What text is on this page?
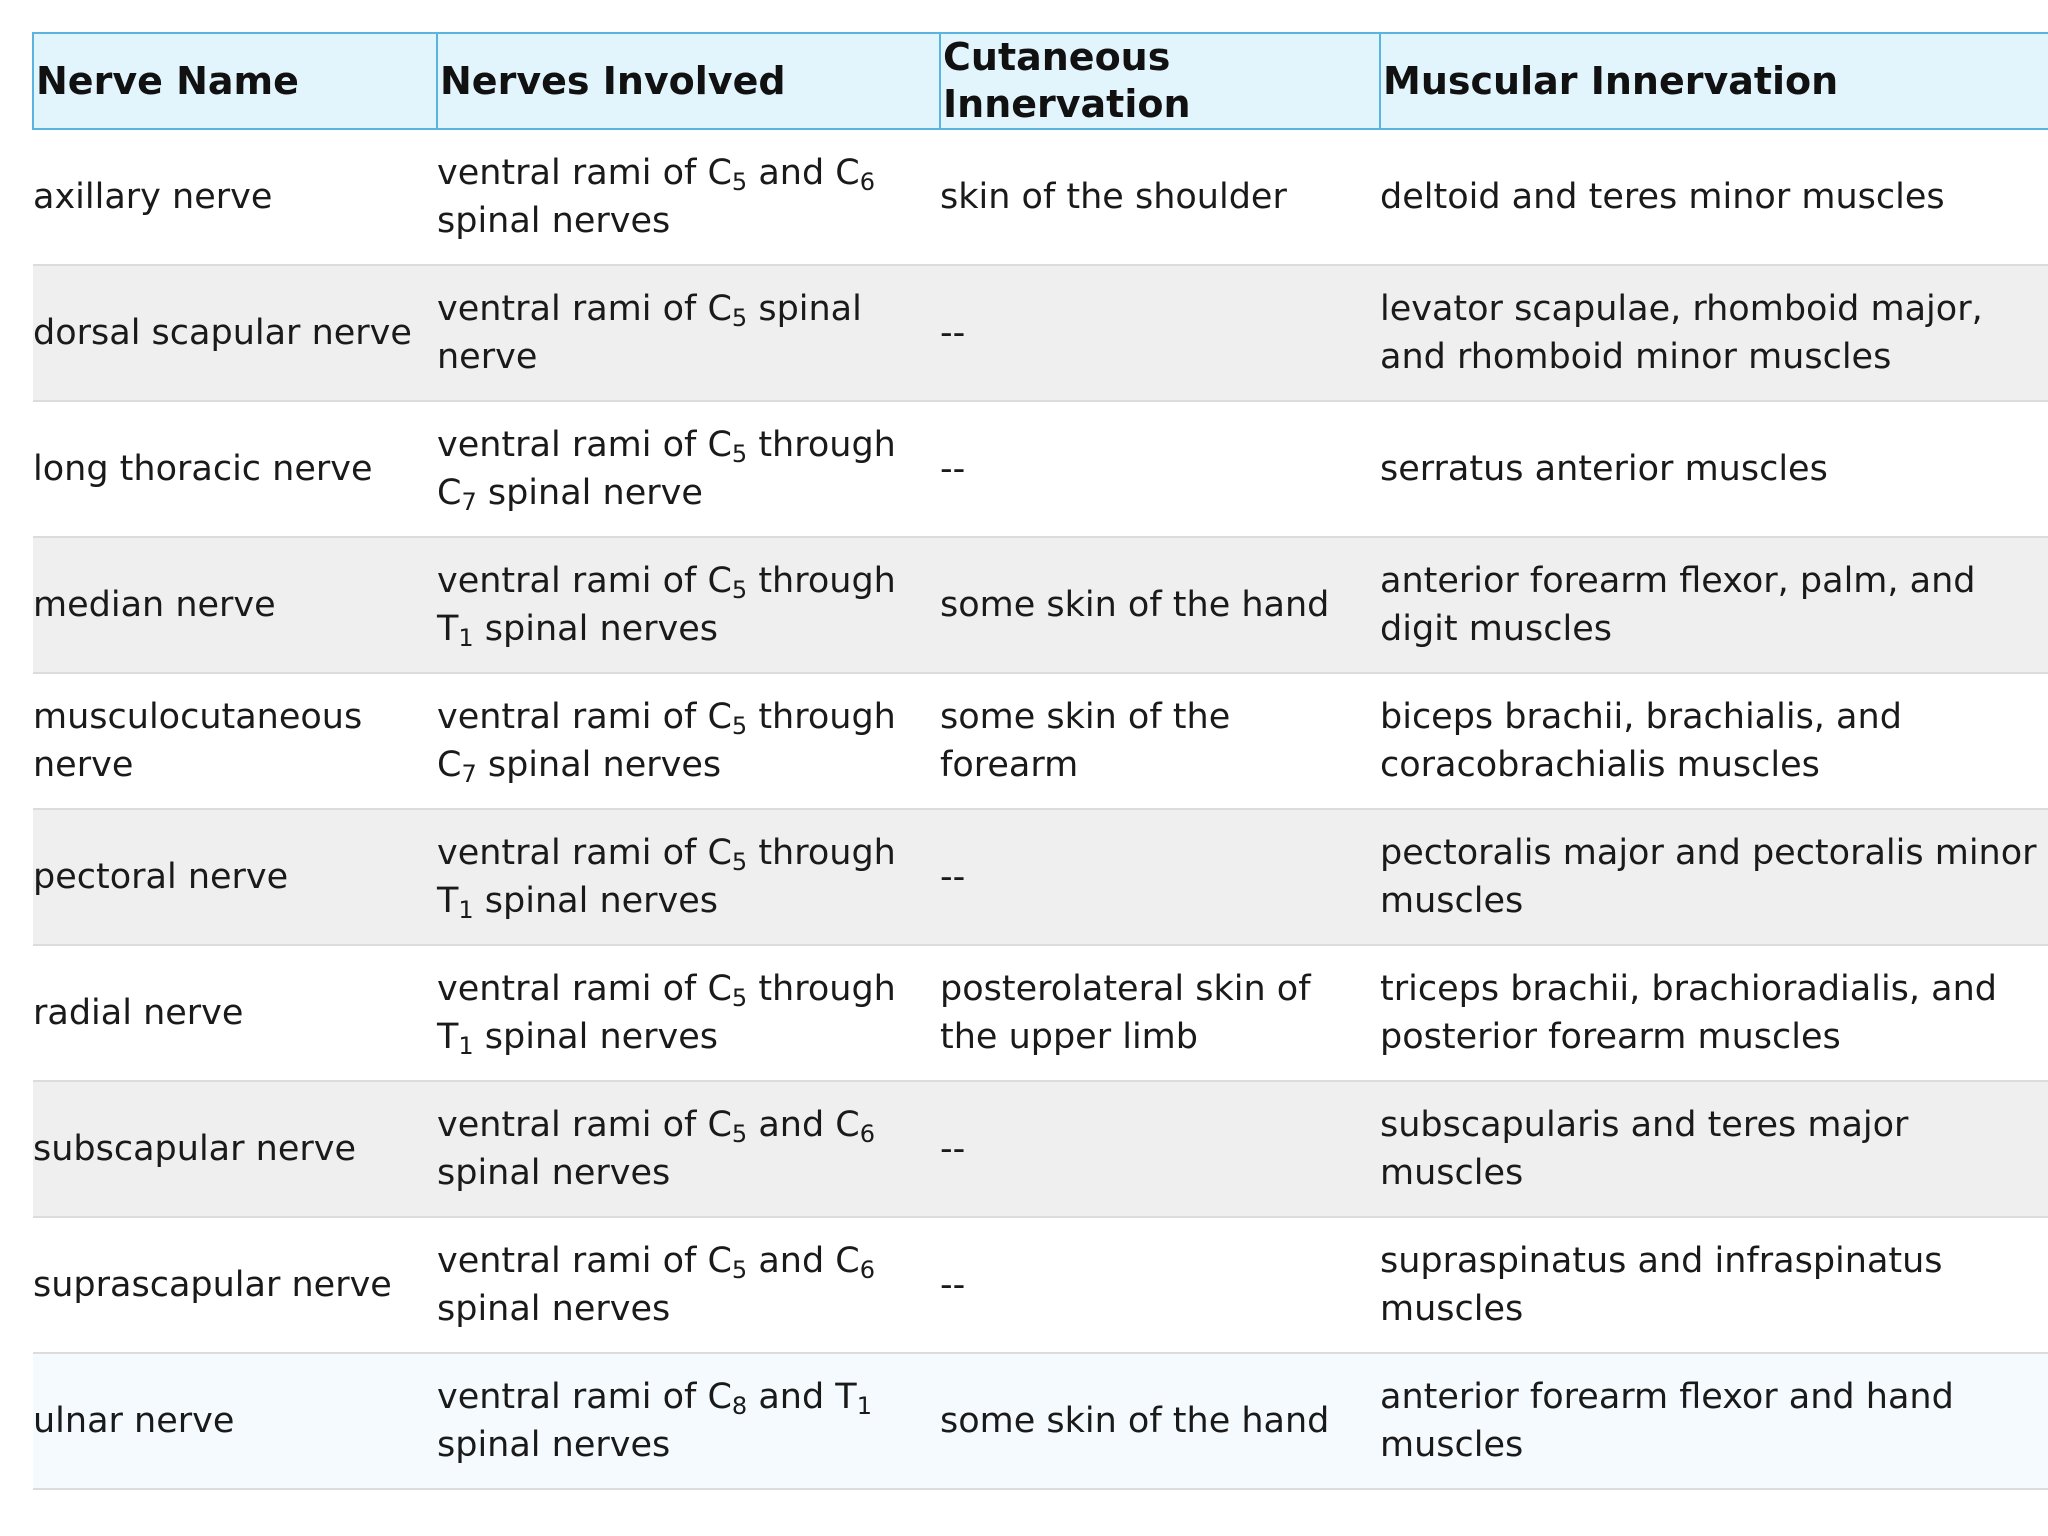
Nerve Name	Nerves Involved	Cutaneous Innervation	Muscular Innervation
axillary nerve	ventral rami of $C_5$ and $C_6$ spinal nerves	skin of the shoulder	deltoid and teres minor muscles
dorsal scapular nerve	ventral rami of $C_5$ spinal nerve	--	levator scapulae, rhomboid major, and rhomboid minor muscles
long thoracic nerve	ventral rami of $C_5$ through $C_7$ spinal nerve	--	serratus anterior muscles
median nerve	ventral rami of $C_5$ through $T_1$ spinal nerves	some skin of the hand	anterior forearm flexor, palm, and digit muscles
musculocutaneous nerve	ventral rami of $C_5$ through $C_7$ spinal nerves	some skin of the forearm	biceps brachii, brachialis, and coracobrachialis muscles
pectoral nerve	ventral rami of $C_5$ through $T_1$ spinal nerves	--	pectoralis major and pectoralis minor muscles
radial nerve	ventral rami of $C_5$ through $T_1$ spinal nerves	posterolateral skin of the upper limb	triceps brachii, brachioradialis, and posterior forearm muscles
subscapular nerve	ventral rami of $C_5$ and $C_6$ spinal nerves	--	subscapularis and teres major muscles
suprascapular nerve	ventral rami of $C_5$ and $C_6$ spinal nerves	--	supraspinatus and infraspinatus muscles
ulnar nerve	ventral rami of $C_8$ and $T_1$ spinal nerves	some skin of the hand	anterior forearm flexor and hand muscles
